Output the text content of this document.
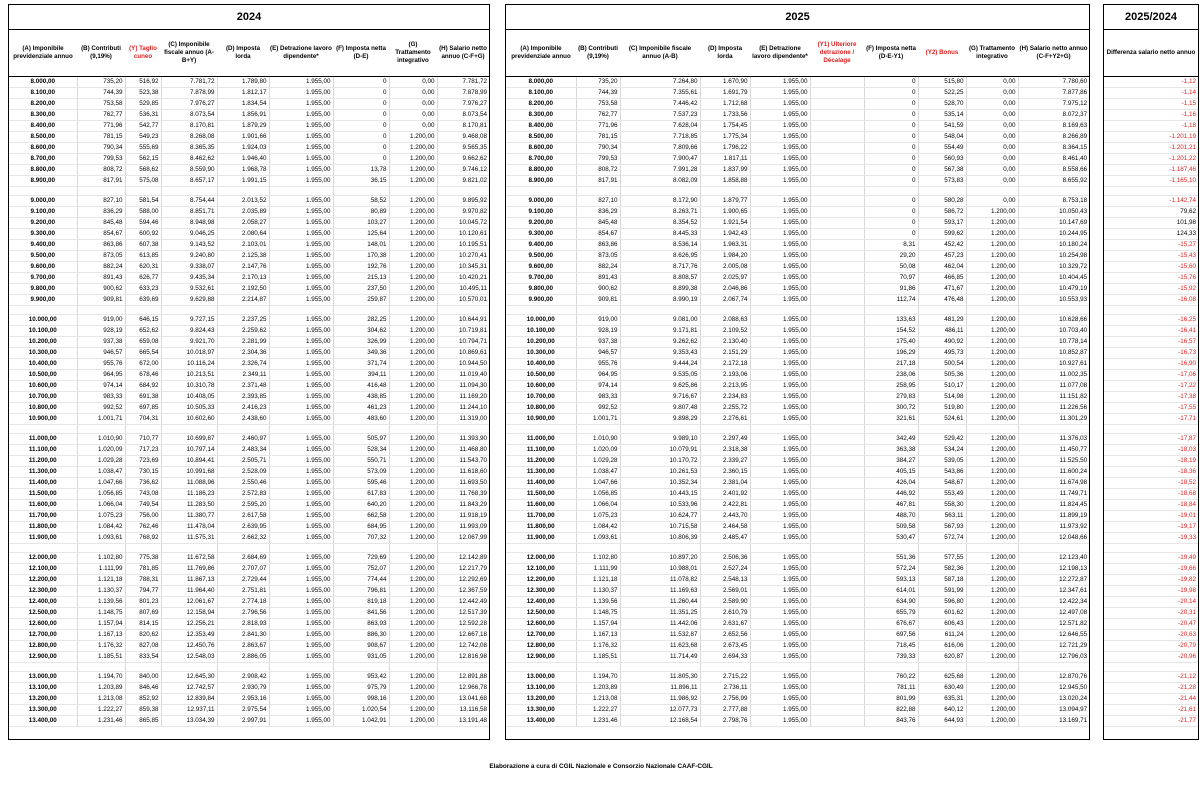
2024								
(A) Imponibile previdenziale annuo	(B) Contributi (9,19%)	(Y) Taglio cuneo	(C) Imponibile fiscale annuo (A-B+Y)	(D) Imposta lorda	(E) Detrazione lavoro dipendente*	(F) Imposta netta (D-E)	(G) Trattamento integrativo	(H) Salario netto annuo (C-F+G)
8.000,00	735,20	516,92	7.781,72	1.789,80	1.955,00	0	0,00	7.781,72
8.100,00	744,39	523,38	7.878,99	1.812,17	1.955,00	0	0,00	7.878,99
8.200,00	753,58	529,85	7.976,27	1.834,54	1.955,00	0	0,00	7.976,27
8.300,00	762,77	536,31	8.073,54	1.856,91	1.955,00	0	0,00	8.073,54
8.400,00	771,96	542,77	8.170,81	1.879,29	1.955,00	0	0,00	8.170,81
8.500,00	781,15	549,23	8.268,08	1.901,66	1.955,00	0	1.200,00	9.468,08
8.600,00	790,34	555,69	8.365,35	1.924,03	1.955,00	0	1.200,00	9.565,35
8.700,00	799,53	562,15	8.462,62	1.946,40	1.955,00	0	1.200,00	9.662,62
8.800,00	808,72	568,62	8.559,90	1.968,78	1.955,00	13,78	1.200,00	9.746,12
8.900,00	817,91	575,08	8.657,17	1.991,15	1.955,00	36,15	1.200,00	9.821,02

9.000,00	827,10	581,54	8.754,44	2.013,52	1.955,00	58,52	1.200,00	9.895,92
9.100,00	836,29	588,00	8.851,71	2.035,89	1.955,00	80,89	1.200,00	9.970,82
9.200,00	845,48	594,46	8.948,98	2.058,27	1.955,00	103,27	1.200,00	10.045,72
9.300,00	854,67	600,92	9.046,25	2.080,64	1.955,00	125,64	1.200,00	10.120,61
9.400,00	863,86	607,38	9.143,52	2.103,01	1.955,00	148,01	1.200,00	10.195,51
9.500,00	873,05	613,85	9.240,80	2.125,38	1.955,00	170,38	1.200,00	10.270,41
9.600,00	882,24	620,31	9.338,07	2.147,76	1.955,00	192,76	1.200,00	10.345,31
9.700,00	891,43	626,77	9.435,34	2.170,13	1.955,00	215,13	1.200,00	10.420,21
9.800,00	900,62	633,23	9.532,61	2.192,50	1.955,00	237,50	1.200,00	10.495,11
9.900,00	909,81	639,69	9.629,88	2.214,87	1.955,00	259,87	1.200,00	10.570,01

10.000,00	919,00	646,15	9.727,15	2.237,25	1.955,00	282,25	1.200,00	10.644,91
10.100,00	928,19	652,62	9.824,43	2.259,62	1.955,00	304,62	1.200,00	10.719,81
10.200,00	937,38	659,08	9.921,70	2.281,99	1.955,00	326,99	1.200,00	10.794,71
10.300,00	946,57	665,54	10.018,97	2.304,36	1.955,00	349,36	1.200,00	10.869,61
10.400,00	955,76	672,00	10.116,24	2.326,74	1.955,00	371,74	1.200,00	10.944,50
10.500,00	964,95	678,46	10.213,51	2.349,11	1.955,00	394,11	1.200,00	11.019,40
10.600,00	974,14	684,92	10.310,78	2.371,48	1.955,00	416,48	1.200,00	11.094,30
10.700,00	983,33	691,38	10.408,05	2.393,85	1.955,00	438,85	1.200,00	11.169,20
10.800,00	992,52	697,85	10.505,33	2.416,23	1.955,00	461,23	1.200,00	11.244,10
10.900,00	1.001,71	704,31	10.602,60	2.438,60	1.955,00	483,60	1.200,00	11.319,00

11.000,00	1.010,90	710,77	10.699,87	2.460,97	1.955,00	505,97	1.200,00	11.393,90
11.100,00	1.020,09	717,23	10.797,14	2.483,34	1.955,00	528,34	1.200,00	11.468,80
11.200,00	1.029,28	723,69	10.894,41	2.505,71	1.955,00	550,71	1.200,00	11.543,70
11.300,00	1.038,47	730,15	10.991,68	2.528,09	1.955,00	573,09	1.200,00	11.618,60
11.400,00	1.047,66	736,62	11.088,96	2.550,46	1.955,00	595,46	1.200,00	11.693,50
11.500,00	1.056,85	743,08	11.186,23	2.572,83	1.955,00	617,83	1.200,00	11.768,39
11.600,00	1.066,04	749,54	11.283,50	2.595,20	1.955,00	640,20	1.200,00	11.843,29
11.700,00	1.075,23	756,00	11.380,77	2.617,58	1.955,00	662,58	1.200,00	11.918,19
11.800,00	1.084,42	762,46	11.478,04	2.639,95	1.955,00	684,95	1.200,00	11.993,09
11.900,00	1.093,61	768,92	11.575,31	2.662,32	1.955,00	707,32	1.200,00	12.067,99

12.000,00	1.102,80	775,38	11.672,58	2.684,69	1.955,00	729,69	1.200,00	12.142,89
12.100,00	1.111,99	781,85	11.769,86	2.707,07	1.955,00	752,07	1.200,00	12.217,79
12.200,00	1.121,18	788,31	11.867,13	2.729,44	1.955,00	774,44	1.200,00	12.292,69
12.300,00	1.130,37	794,77	11.964,40	2.751,81	1.955,00	796,81	1.200,00	12.367,59
12.400,00	1.139,56	801,23	12.061,67	2.774,18	1.955,00	819,18	1.200,00	12.442,49
12.500,00	1.148,75	807,69	12.158,94	2.796,56	1.955,00	841,56	1.200,00	12.517,39
12.600,00	1.157,94	814,15	12.256,21	2.818,93	1.955,00	863,93	1.200,00	12.592,28
12.700,00	1.167,13	820,62	12.353,49	2.841,30	1.955,00	886,30	1.200,00	12.667,18
12.800,00	1.176,32	827,08	12.450,76	2.863,67	1.955,00	908,67	1.200,00	12.742,08
12.900,00	1.185,51	833,54	12.548,03	2.886,05	1.955,00	931,05	1.200,00	12.816,98

13.000,00	1.194,70	840,00	12.645,30	2.908,42	1.955,00	953,42	1.200,00	12.891,88
13.100,00	1.203,89	846,46	12.742,57	2.930,79	1.955,00	975,79	1.200,00	12.966,78
13.200,00	1.213,08	852,92	12.839,84	2.953,16	1.955,00	998,16	1.200,00	13.041,68
13.300,00	1.222,27	859,38	12.937,11	2.975,54	1.955,00	1.020,54	1.200,00	13.116,58
13.400,00	1.231,46	865,85	13.034,39	2.997,91	1.955,00	1.042,91	1.200,00	13.191,48
2025									
(A) Imponibile previdenziale annuo	(B) Contributi (9,19%)	(C) Imponibile fiscale annuo (A-B)	(D) Imposta lorda	(E) Detrazione lavoro dipendente*	(Y1) Ulteriore detrazione / Décalage	(F) Imposta netta (D-E-Y1)	(Y2) Bonus	(G) Trattamento integrativo	(H) Salario netto annuo (C-F+Y2+G)
8.000,00	735,20	7.264,80	1.670,90	1.955,00		0	515,80	0,00	7.780,60
8.100,00	744,39	7.355,61	1.691,79	1.955,00		0	522,25	0,00	7.877,86
8.200,00	753,58	7.446,42	1.712,68	1.955,00		0	528,70	0,00	7.975,12
8.300,00	762,77	7.537,23	1.733,56	1.955,00		0	535,14	0,00	8.072,37
8.400,00	771,96	7.628,04	1.754,45	1.955,00		0	541,59	0,00	8.169,63
8.500,00	781,15	7.718,85	1.775,34	1.955,00		0	548,04	0,00	8.266,89
8.600,00	790,34	7.809,66	1.796,22	1.955,00		0	554,49	0,00	8.364,15
8.700,00	799,53	7.900,47	1.817,11	1.955,00		0	560,93	0,00	8.461,40
8.800,00	808,72	7.991,28	1.837,99	1.955,00		0	567,38	0,00	8.558,66
8.900,00	817,91	8.082,09	1.858,88	1.955,00		0	573,83	0,00	8.655,92

9.000,00	827,10	8.172,90	1.879,77	1.955,00		0	580,28	0,00	8.753,18
9.100,00	836,29	8.263,71	1.900,65	1.955,00		0	586,72	1.200,00	10.050,43
9.200,00	845,48	8.354,52	1.921,54	1.955,00		0	593,17	1.200,00	10.147,69
9.300,00	854,67	8.445,33	1.942,43	1.955,00		0	599,62	1.200,00	10.244,95
9.400,00	863,86	8.536,14	1.963,31	1.955,00		8,31	452,42	1.200,00	10.180,24
9.500,00	873,05	8.626,95	1.984,20	1.955,00		29,20	457,23	1.200,00	10.254,98
9.600,00	882,24	8.717,76	2.005,08	1.955,00		50,08	462,04	1.200,00	10.329,72
9.700,00	891,43	8.808,57	2.025,97	1.955,00		70,97	466,85	1.200,00	10.404,45
9.800,00	900,62	8.899,38	2.046,86	1.955,00		91,86	471,67	1.200,00	10.479,19
9.900,00	909,81	8.990,19	2.067,74	1.955,00		112,74	476,48	1.200,00	10.553,93

10.000,00	919,00	9.081,00	2.088,63	1.955,00		133,63	481,29	1.200,00	10.628,66
10.100,00	928,19	9.171,81	2.109,52	1.955,00		154,52	486,11	1.200,00	10.703,40
10.200,00	937,38	9.262,62	2.130,40	1.955,00		175,40	490,92	1.200,00	10.778,14
10.300,00	946,57	9.353,43	2.151,29	1.955,00		196,29	495,73	1.200,00	10.852,87
10.400,00	955,76	9.444,24	2.172,18	1.955,00		217,18	500,54	1.200,00	10.927,61
10.500,00	964,95	9.535,05	2.193,06	1.955,00		238,06	505,36	1.200,00	11.002,35
10.600,00	974,14	9.625,86	2.213,95	1.955,00		258,95	510,17	1.200,00	11.077,08
10.700,00	983,33	9.716,67	2.234,83	1.955,00		279,83	514,98	1.200,00	11.151,82
10.800,00	992,52	9.807,48	2.255,72	1.955,00		300,72	519,80	1.200,00	11.226,56
10.900,00	1.001,71	9.898,29	2.276,61	1.955,00		321,61	524,61	1.200,00	11.301,29

11.000,00	1.010,90	9.989,10	2.297,49	1.955,00		342,49	529,42	1.200,00	11.376,03
11.100,00	1.020,09	10.079,91	2.318,38	1.955,00		363,38	534,24	1.200,00	11.450,77
11.200,00	1.029,28	10.170,72	2.339,27	1.955,00		384,27	539,05	1.200,00	11.525,50
11.300,00	1.038,47	10.261,53	2.360,15	1.955,00		405,15	543,86	1.200,00	11.600,24
11.400,00	1.047,66	10.352,34	2.381,04	1.955,00		426,04	548,67	1.200,00	11.674,98
11.500,00	1.056,85	10.443,15	2.401,92	1.955,00		446,92	553,49	1.200,00	11.749,71
11.600,00	1.066,04	10.533,96	2.422,81	1.955,00		467,81	558,30	1.200,00	11.824,45
11.700,00	1.075,23	10.624,77	2.443,70	1.955,00		488,70	563,11	1.200,00	11.899,19
11.800,00	1.084,42	10.715,58	2.464,58	1.955,00		509,58	567,93	1.200,00	11.973,92
11.900,00	1.093,61	10.806,39	2.485,47	1.955,00		530,47	572,74	1.200,00	12.048,66

12.000,00	1.102,80	10.897,20	2.506,36	1.955,00		551,36	577,55	1.200,00	12.123,40
12.100,00	1.111,99	10.988,01	2.527,24	1.955,00		572,24	582,36	1.200,00	12.198,13
12.200,00	1.121,18	11.078,82	2.548,13	1.955,00		593,13	587,18	1.200,00	12.272,87
12.300,00	1.130,37	11.169,63	2.569,01	1.955,00		614,01	591,99	1.200,00	12.347,61
12.400,00	1.139,56	11.260,44	2.589,90	1.955,00		634,90	596,80	1.200,00	12.422,34
12.500,00	1.148,75	11.351,25	2.610,79	1.955,00		655,79	601,62	1.200,00	12.497,08
12.600,00	1.157,94	11.442,06	2.631,67	1.955,00		676,67	606,43	1.200,00	12.571,82
12.700,00	1.167,13	11.532,87	2.652,56	1.955,00		697,56	611,24	1.200,00	12.646,55
12.800,00	1.176,32	11.623,68	2.673,45	1.955,00		718,45	616,06	1.200,00	12.721,29
12.900,00	1.185,51	11.714,49	2.694,33	1.955,00		739,33	620,87	1.200,00	12.796,03

13.000,00	1.194,70	11.805,30	2.715,22	1.955,00		760,22	625,68	1.200,00	12.870,76
13.100,00	1.203,89	11.896,11	2.736,11	1.955,00		781,11	630,49	1.200,00	12.945,50
13.200,00	1.213,08	11.986,92	2.756,99	1.955,00		801,99	635,31	1.200,00	13.020,24
13.300,00	1.222,27	12.077,73	2.777,88	1.955,00		822,88	640,12	1.200,00	13.094,97
13.400,00	1.231,46	12.168,54	2.798,76	1.955,00		843,76	644,93	1.200,00	13.169,71
2025/2024
Differenza salario netto annuo
-1,12
-1,14
-1,15
-1,16
-1,18
-1.201,19
-1.201,21
-1.201,22
-1.187,46
-1.165,10

-1.142,74
79,62
101,98
124,33
-15,27
-15,43
-15,60
-15,76
-15,92
-16,08

-16,25
-16,41
-16,57
-16,73
-16,90
-17,06
-17,22
-17,38
-17,55
-17,71

-17,87
-18,03
-18,19
-18,36
-18,52
-18,68
-18,84
-19,01
-19,17
-19,33

-19,49
-19,66
-19,82
-19,98
-20,14
-20,31
-20,47
-20,63
-20,79
-20,96

-21,12
-21,28
-21,44
-21,61
-21,77
Elaborazione a cura di CGIL Nazionale e Consorzio Nazionale CAAF-CGIL
